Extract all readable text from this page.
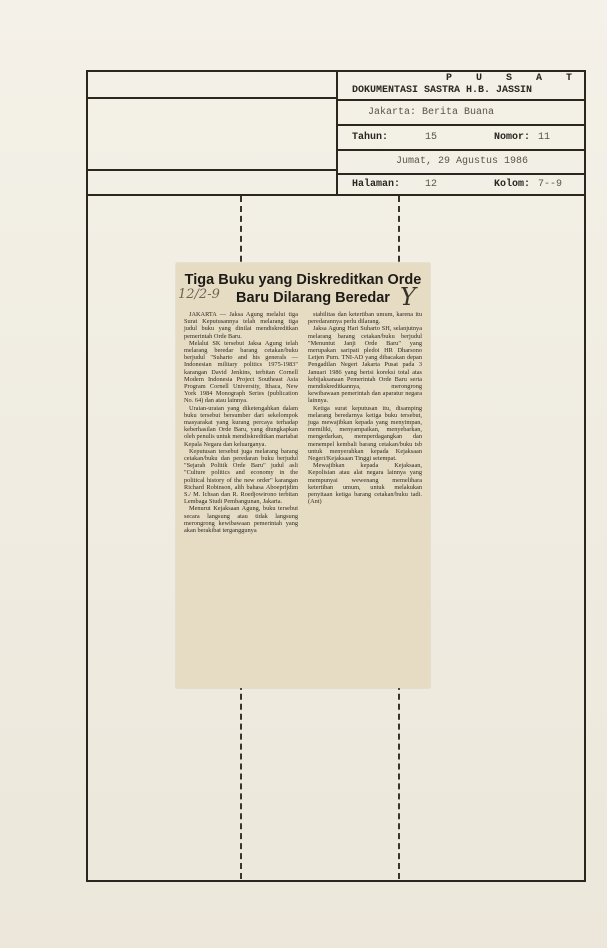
P U S A T
DOKUMENTASI SASTRA H.B. JASSIN
Jakarta: Berita Buana
Tahun:	15	Nomor: 11
Jumat, 29 Agustus 1986
Halaman: 12	Kolom: 7--9
Tiga Buku yang Diskreditkan Orde
Baru Dilarang Beredar
12/2-9	Y

JAKARTA — Jaksa Agung melalui tiga Surat Keputusannya telah melarang tiga judul buku yang dinilai mendiskreditkan pemerintah Orde Baru.

Melalui SK tersebut Jaksa Agung telah melarang beredar barang cetakan/buku berjudul "Suharto and his generals — Indonesian military politics 1975-1983" karangan David Jenkins, terbitan Cornell Modern Indonesia Project Southeast Asia Program Cornell University, Ithaca, New York 1984 Monograph Series (publication No. 64) dan atau lainnya.

Uraian-uraian yang diketengahkan dalam buku tersebut bersumber dari sekelompok masyarakat yang kurang percaya terhadap keberhasilan Orde Baru, yang diungkapkan oleh penulis untuk mendiskreditkan martabat Kepala Negara dan keluarganya.

Keputusan tersebut juga melarang barang cetakan/buku dan peredaran buku berjudul "Sejarah Politik Orde Baru" judul asli "Culture politics and economy in the political history of the new order" karangan Richard Robinson, alih bahasa Aboeprijdim S./ M. Ichsan dan R. Roedjowirono terbitan Lembaga Studi Pembangunan, Jakarta.

Menurut Kejaksaan Agung, buku tersebut secara langsung atau tidak langsung merongrong kewibawaan pemerintah yang akan berakibat terganggunya

stabilitas dan ketertiban umum, karena itu peredarannya perlu dilarang.

Jaksa Agung Hari Suharto SH, selanjutnya melarang barang cetakan/buku berjudul "Menuntut Janji Orde Baru" yang merupakan saripati pledoi HR Dharsono Letjen Purn. TNI-AD yang dibacakan depan Pengadilan Negeri Jakarta Pusat pada 3 Januari 1986 yang berisi koreksi total atas kebijaksanaan Pemerintah Orde Baru serta mendiskreditkannya, merongrong kewibawaan pemerintah dan aparatur negara lainnya.

Ketiga surat keputusan itu, disamping melarang beredarnya ketiga buku tersebut, juga mewajibkan kepada yang menyimpan, memiliki, menyampaikan, menyebarkan, mengedarkan, memperdagangkan dan menempel kembali barang cetakan/buku tsb untuk menyerahkan kepada Kejaksaan Negeri/Kejaksaan Tinggi setempat.

Mewajibkan kepada Kejaksaan, Kepolisian atau alat negara lainnya yang mempunyai wewenang memelihara ketertiban umum, untuk melakukan penyitaan ketiga barang cetakan/buku tadi. (Ant)
